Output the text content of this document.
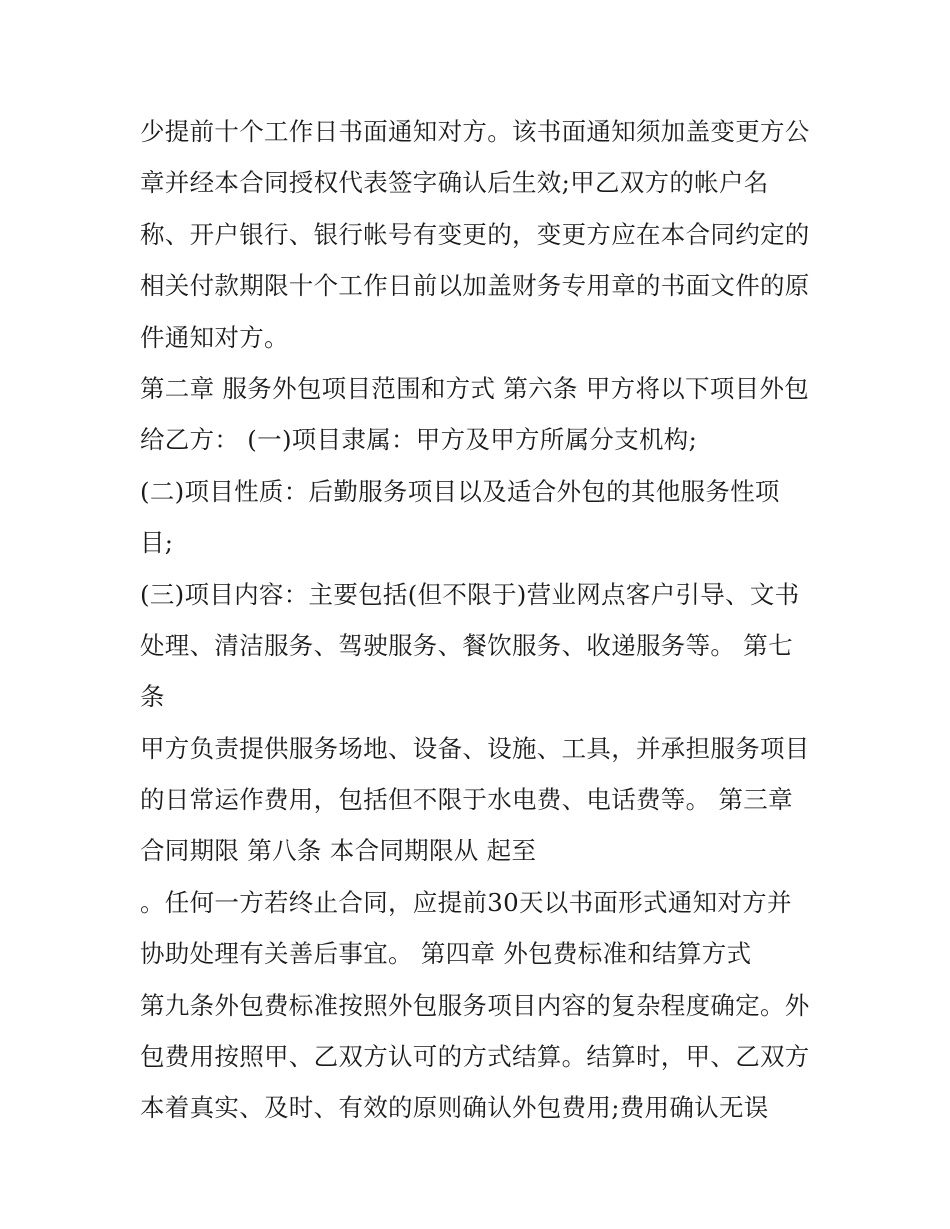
少提前十个工作日书面通知对方。该书面通知须加盖变更方公
章并经本合同授权代表签字确认后生效;甲乙双方的帐户名
称、开户银行、银行帐号有变更的，变更方应在本合同约定的
相关付款期限十个工作日前以加盖财务专用章的书面文件的原
件通知对方。
第二章 服务外包项目范围和方式 第六条 甲方将以下项目外包
给乙方： (一)项目隶属：甲方及甲方所属分支机构;
(二)项目性质：后勤服务项目以及适合外包的其他服务性项
目;
(三)项目内容：主要包括(但不限于)营业网点客户引导、文书
处理、清洁服务、驾驶服务、餐饮服务、收递服务等。 第七
条
甲方负责提供服务场地、设备、设施、工具，并承担服务项目
的日常运作费用，包括但不限于水电费、电话费等。 第三章
合同期限 第八条 本合同期限从 起至
。任何一方若终止合同，应提前30天以书面形式通知对方并
协助处理有关善后事宜。 第四章 外包费标准和结算方式
第九条外包费标准按照外包服务项目内容的复杂程度确定。外
包费用按照甲、乙双方认可的方式结算。结算时，甲、乙双方
本着真实、及时、有效的原则确认外包费用;费用确认无误
